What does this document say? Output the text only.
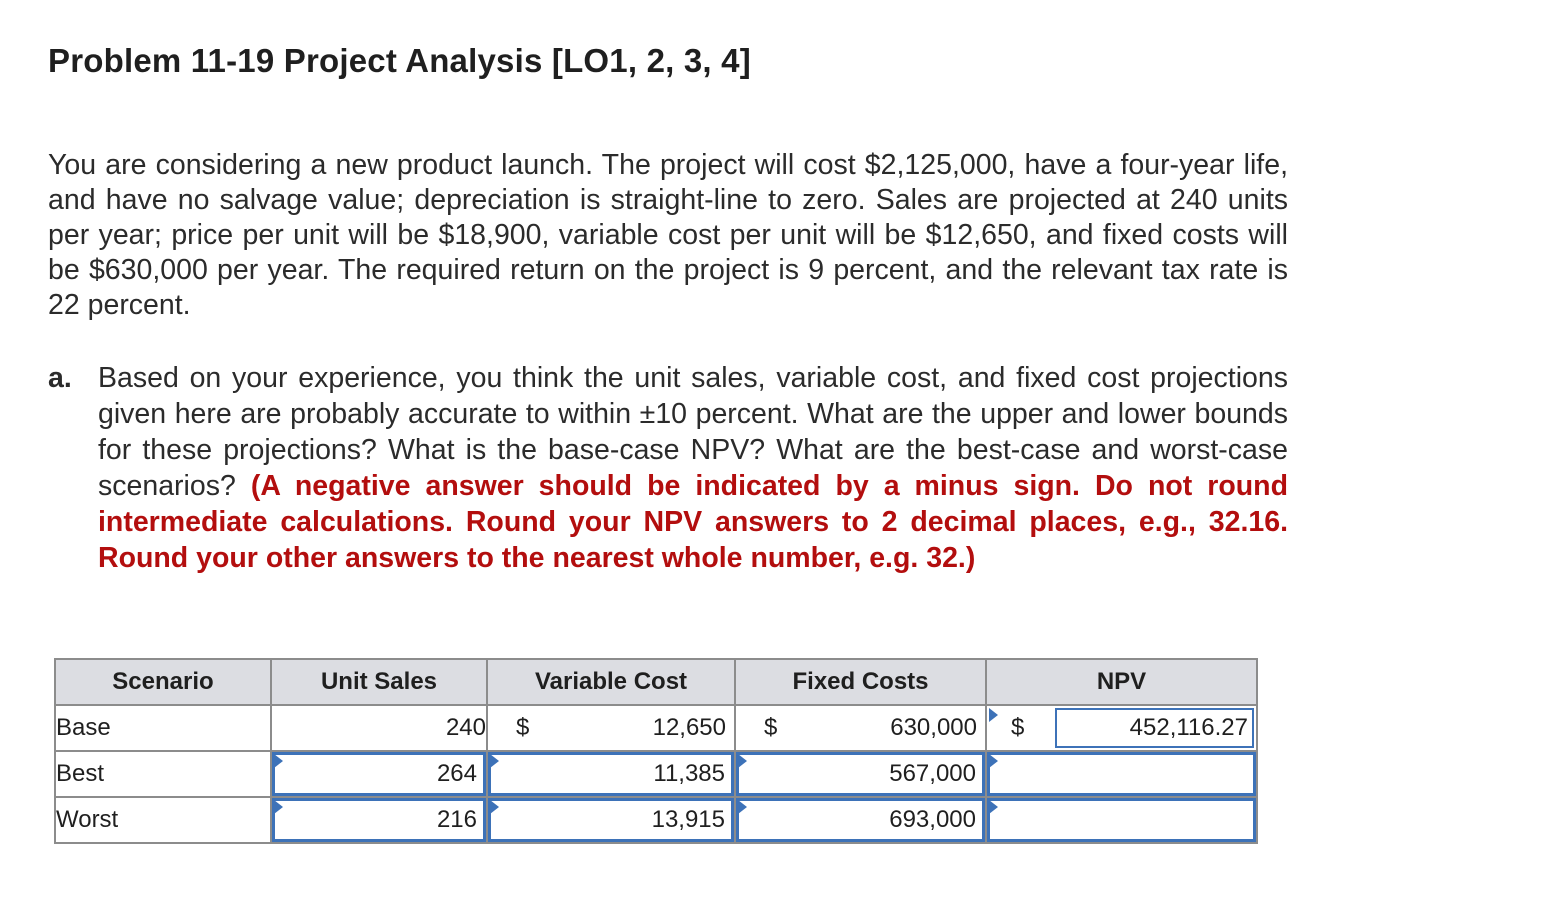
Problem 11-19 Project Analysis [LO1, 2, 3, 4]
You are considering a new product launch. The project will cost $2,125,000, have a four-year life, and have no salvage value; depreciation is straight-line to zero. Sales are projected at 240 units per year; price per unit will be $18,900, variable cost per unit will be $12,650, and fixed costs will be $630,000 per year. The required return on the project is 9 percent, and the relevant tax rate is 22 percent.
a. Based on your experience, you think the unit sales, variable cost, and fixed cost projections given here are probably accurate to within ±10 percent. What are the upper and lower bounds for these projections? What is the base-case NPV? What are the best-case and worst-case scenarios? (A negative answer should be indicated by a minus sign. Do not round intermediate calculations. Round your NPV answers to 2 decimal places, e.g., 32.16. Round your other answers to the nearest whole number, e.g. 32.)
Scenario	Unit Sales	Variable Cost	Fixed Costs	NPV
Base	240	$ 12,650	$ 630,000	$ 452,116.27

Best	264	11,385	567,000	

Worst	216	13,915	693,000	
